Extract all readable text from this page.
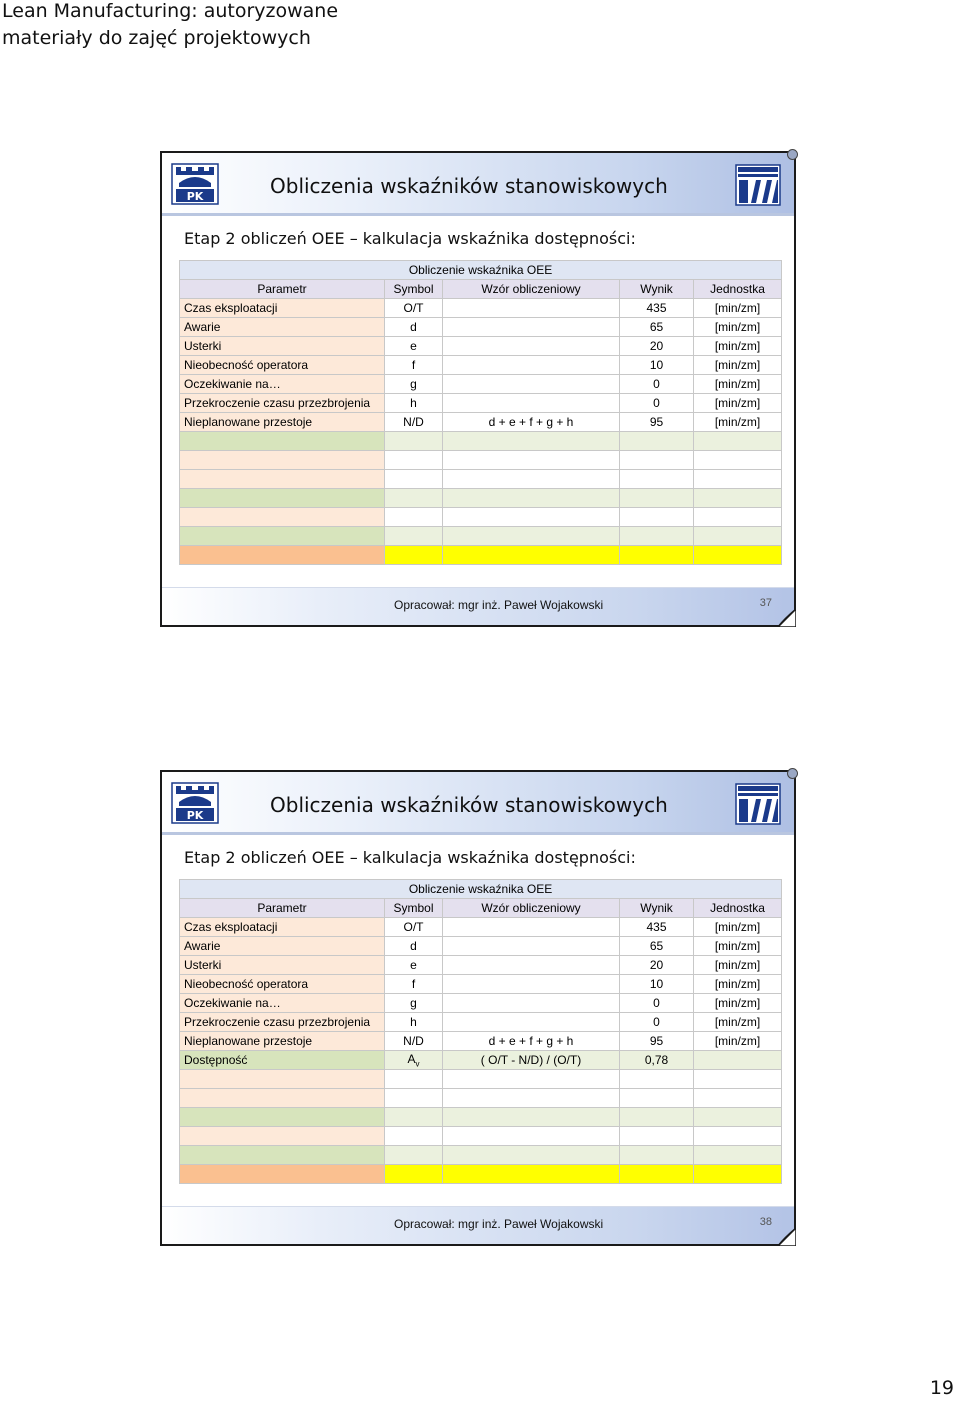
Lean Manufacturing: autoryzowane
materiały do zajęć projektowych
PK	Obliczenia wskaźników stanowiskowych
Etap 2 obliczeń OEE – kalkulacja wskaźnika dostępności:
Obliczenie wskaźnika OEE				
Parametr	Symbol	Wzór obliczeniowy	Wynik	Jednostka
Czas eksploatacji	O/T		435	[min/zm]
Awarie	d		65	[min/zm]
Usterki	e		20	[min/zm]
Nieobecność operatora	f		10	[min/zm]
Oczekiwanie na…	g		0	[min/zm]
Przekroczenie czasu przezbrojenia	h		0	[min/zm]
Nieplanowane przestoje	N/D	d + e + f + g + h	95	[min/zm]

Opracował: mgr inż. Paweł Wojakowski	37
PK	Obliczenia wskaźników stanowiskowych
Etap 2 obliczeń OEE – kalkulacja wskaźnika dostępności:
Obliczenie wskaźnika OEE				
Parametr	Symbol	Wzór obliczeniowy	Wynik	Jednostka
Czas eksploatacji	O/T		435	[min/zm]
Awarie	d		65	[min/zm]
Usterki	e		20	[min/zm]
Nieobecność operatora	f		10	[min/zm]
Oczekiwanie na…	g		0	[min/zm]
Przekroczenie czasu przezbrojenia	h		0	[min/zm]
Nieplanowane przestoje	N/D	d + e + f + g + h	95	[min/zm]
Dostępność	$A_v$	( O/T - N/D) / (O/T)	0,78	

Opracował: mgr inż. Paweł Wojakowski	38
19
